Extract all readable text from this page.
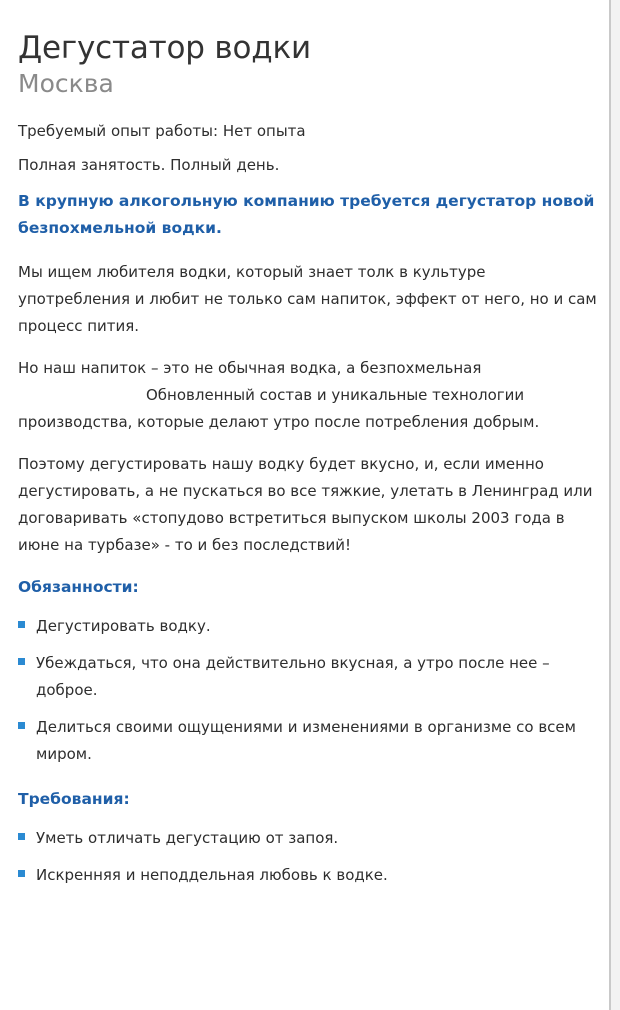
Дегустатор водки
Москва

Требуемый опыт работы: Нет опыта

Полная занятость. Полный день.

В крупную алкогольную компанию требуется дегустатор новой безпохмельной водки.

Мы ищем любителя водки, который знает толк в культуре употребления и любит не только сам напиток, эффект от него, но и сам процесс пития.

Но наш напиток – это не обычная водка, а безпохмельная
Обновленный состав и уникальные технологии
производства, которые делают утро после потребления добрым.

Поэтому дегустировать нашу водку будет вкусно, и, если именно дегустировать, а не пускаться во все тяжкие, улетать в Ленинград или договаривать «стопудово встретиться выпуском школы 2003 года в июне на турбазе» - то и без последствий!

Обязанности:
Дегустировать водку.
Убеждаться, что она действительно вкусная, а утро после нее – доброе.
Делиться своими ощущениями и изменениями в организме со всем миром.
Требования:
Уметь отличать дегустацию от запоя.
Искренняя и неподдельная любовь к водке.
